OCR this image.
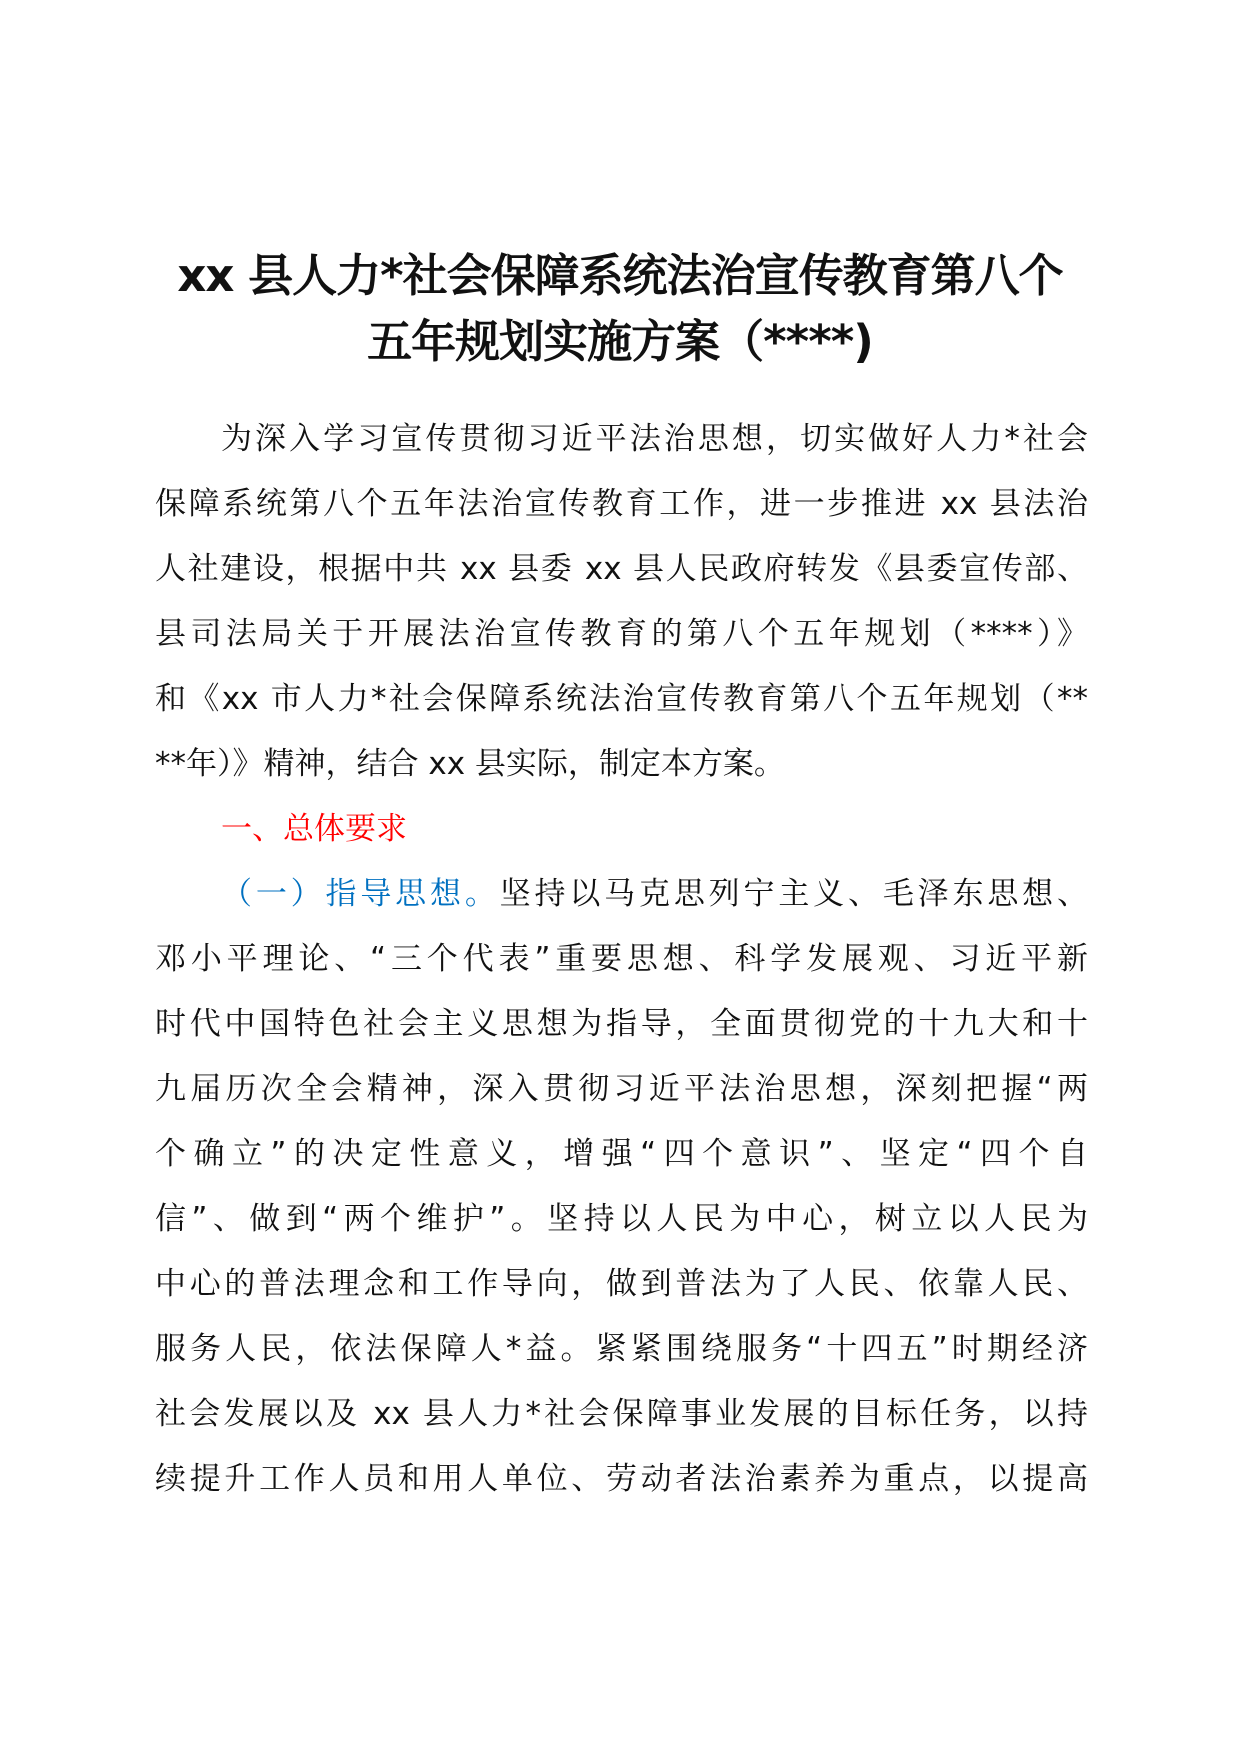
xx 县人力*社会保障系统法治宣传教育第八个
五年规划实施方案（****)
为深入学习宣传贯彻习近平法治思想，切实做好人力*社会
保障系统第八个五年法治宣传教育工作，进一步推进 xx 县法治
人社建设，根据中共 xx 县委 xx 县人民政府转发《县委宣传部、
县司法局关于开展法治宣传教育的第八个五年规划（****）》
和《xx 市人力*社会保障系统法治宣传教育第八个五年规划（**
**年）》精神，结合 xx 县实际，制定本方案。
一、总体要求
（一）指导思想。坚持以马克思列宁主义、毛泽东思想、
邓小平理论、“三个代表”重要思想、科学发展观、习近平新
时代中国特色社会主义思想为指导，全面贯彻党的十九大和十
九届历次全会精神，深入贯彻习近平法治思想，深刻把握“两
个确立”的决定性意义，增强“四个意识”、坚定“四个自
信”、做到“两个维护”。坚持以人民为中心，树立以人民为
中心的普法理念和工作导向，做到普法为了人民、依靠人民、
服务人民，依法保障人*益。紧紧围绕服务“十四五”时期经济
社会发展以及 xx 县人力*社会保障事业发展的目标任务，以持
续提升工作人员和用人单位、劳动者法治素养为重点，以提高
